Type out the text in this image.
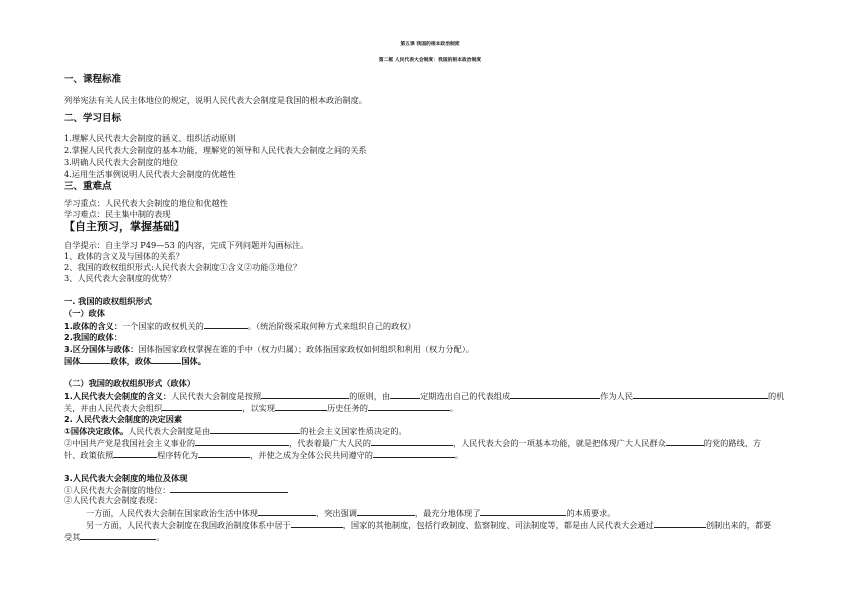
第五课 我国的根本政治制度
第二框 人民代表大会制度：我国的根本政治制度
一、课程标准
列举宪法有关人民主体地位的规定，说明人民代表大会制度是我国的根本政治制度。
二、学习目标
1.理解人民代表大会制度的涵义、组织活动原则
2.掌握人民代表大会制度的基本功能，理解党的领导和人民代表大会制度之间的关系
3.明确人民代表大会制度的地位
4.运用生活事例说明人民代表大会制度的优越性
三、重难点
学习重点：人民代表大会制度的地位和优越性
学习难点：民主集中制的表现
【自主预习，掌握基础】
自学提示：自主学习 P49—53 的内容，完成下列问题并勾画标注。
1、政体的含义及与国体的关系？
2、我国的政权组织形式:人民代表大会制度①含义②功能③地位？
3、人民代表大会制度的优势？
一. 我国的政权组织形式
（一）政体
1.政体的含义：一个国家的政权机关的	。（统治阶级采取何种方式来组织自己的政权）
2.我国的政体：
3.区分国体与政体：国体指国家政权掌握在谁的手中（权力归属）；政体指国家政权如何组织和利用（权力分配）。
国体	政体，政体	国体。
（二）我国的政权组织形式（政体）
1.人民代表大会制度的含义：人民代表大会制度是按照	的原则，由	定期选出自己的代表组成	作为人民	的机
关，并由人民代表大会组织	，以实现	历史任务的	。
2. 人民代表大会制度的决定因素
①国体决定政体。人民代表大会制度是由	的社会主义国家性质决定的。
②中国共产党是我国社会主义事业的	，代表着最广大人民的	，人民代表大会的一项基本功能，就是把体现广大人民群众	的党的路线、方
针、政策依照	程序转化为	，并使之成为全体公民共同遵守的	。
3.人民代表大会制度的地位及体现
①人民代表大会制度的地位：
②人民代表大会制度表现：
一方面，人民代表大会制在国家政治生活中体现	，突出强调	，最充分地体现了	的本质要求。
另一方面，人民代表大会制度在我国政治制度体系中居于	，国家的其他制度，包括行政制度、监察制度、司法制度等，都是由人民代表大会通过	创制出来的，都要
受其	。
